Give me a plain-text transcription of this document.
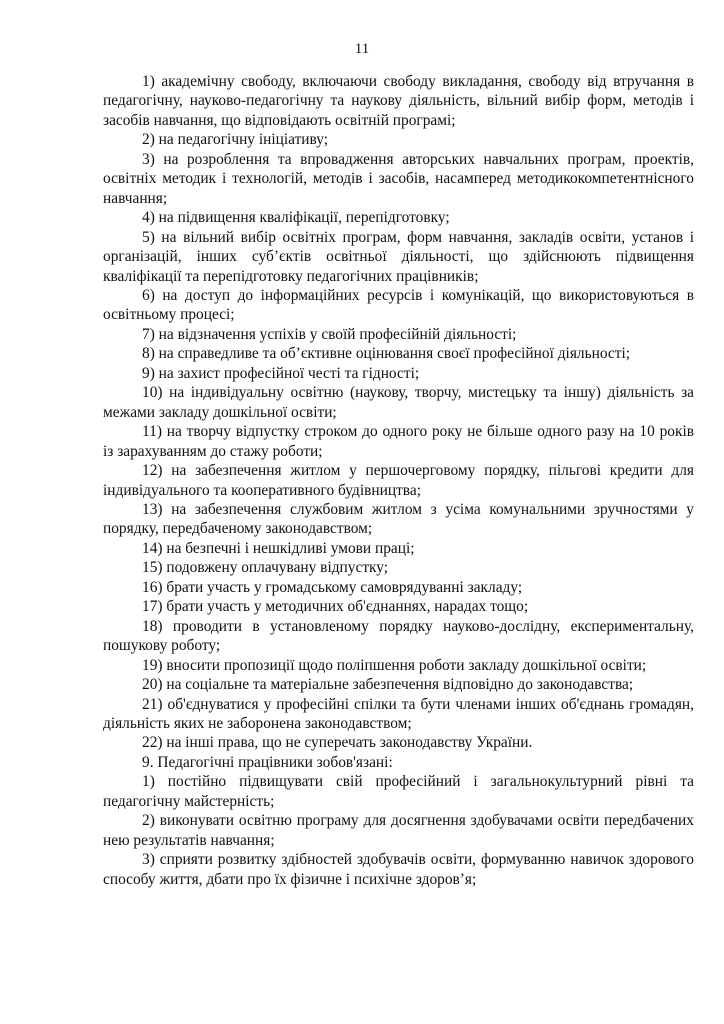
11

1) академічну свободу, включаючи свободу викладання, свободу від втручання в педагогічну, науково-педагогічну та наукову діяльність, вільний вибір форм, методів і засобів навчання, що відповідають освітній програмі;

2) на педагогічну ініціативу;

3) на розроблення та впровадження авторських навчальних програм, проектів, освітніх методик і технологій, методів і засобів, насамперед методикокомпетентнісного навчання;

4) на підвищення кваліфікації, перепідготовку;

5) на вільний вибір освітніх програм, форм навчання, закладів освіти, установ і організацій, інших суб’єктів освітньої діяльності, що здійснюють підвищення кваліфікації та перепідготовку педагогічних працівників;

6) на доступ до інформаційних ресурсів і комунікацій, що використовуються в освітньому процесі;

7) на відзначення успіхів у своїй професійній діяльності;

8) на справедливе та об’єктивне оцінювання своєї професійної діяльності;

9) на захист професійної честі та гідності;

10) на індивідуальну освітню (наукову, творчу, мистецьку та іншу) діяльність за межами закладу дошкільної освіти;

11) на творчу відпустку строком до одного року не більше одного разу на 10 років із зарахуванням до стажу роботи;

12) на забезпечення житлом у першочерговому порядку, пільгові кредити для індивідуального та кооперативного будівництва;

13) на забезпечення службовим житлом з усіма комунальними зручностями у порядку, передбаченому законодавством;

14) на безпечні і нешкідливі умови праці;

15) подовжену оплачувану відпустку;

16) брати участь у громадському самоврядуванні закладу;

17) брати участь у методичних об'єднаннях, нарадах тощо;

18) проводити в установленому порядку науково-дослідну, експериментальну, пошукову роботу;

19) вносити пропозиції щодо поліпшення роботи закладу дошкільної освіти;

20) на соціальне та матеріальне забезпечення відповідно до законодавства;

21) об'єднуватися у професійні спілки та бути членами інших об'єднань громадян, діяльність яких не заборонена законодавством;

22) на інші права, що не суперечать законодавству України.

9. Педагогічні працівники зобов'язані:

1) постійно підвищувати свій професійний і загальнокультурний рівні та педагогічну майстерність;

2) виконувати освітню програму для досягнення здобувачами освіти передбачених нею результатів навчання;

3) сприяти розвитку здібностей здобувачів освіти, формуванню навичок здорового способу життя, дбати про їх фізичне і психічне здоров’я;
